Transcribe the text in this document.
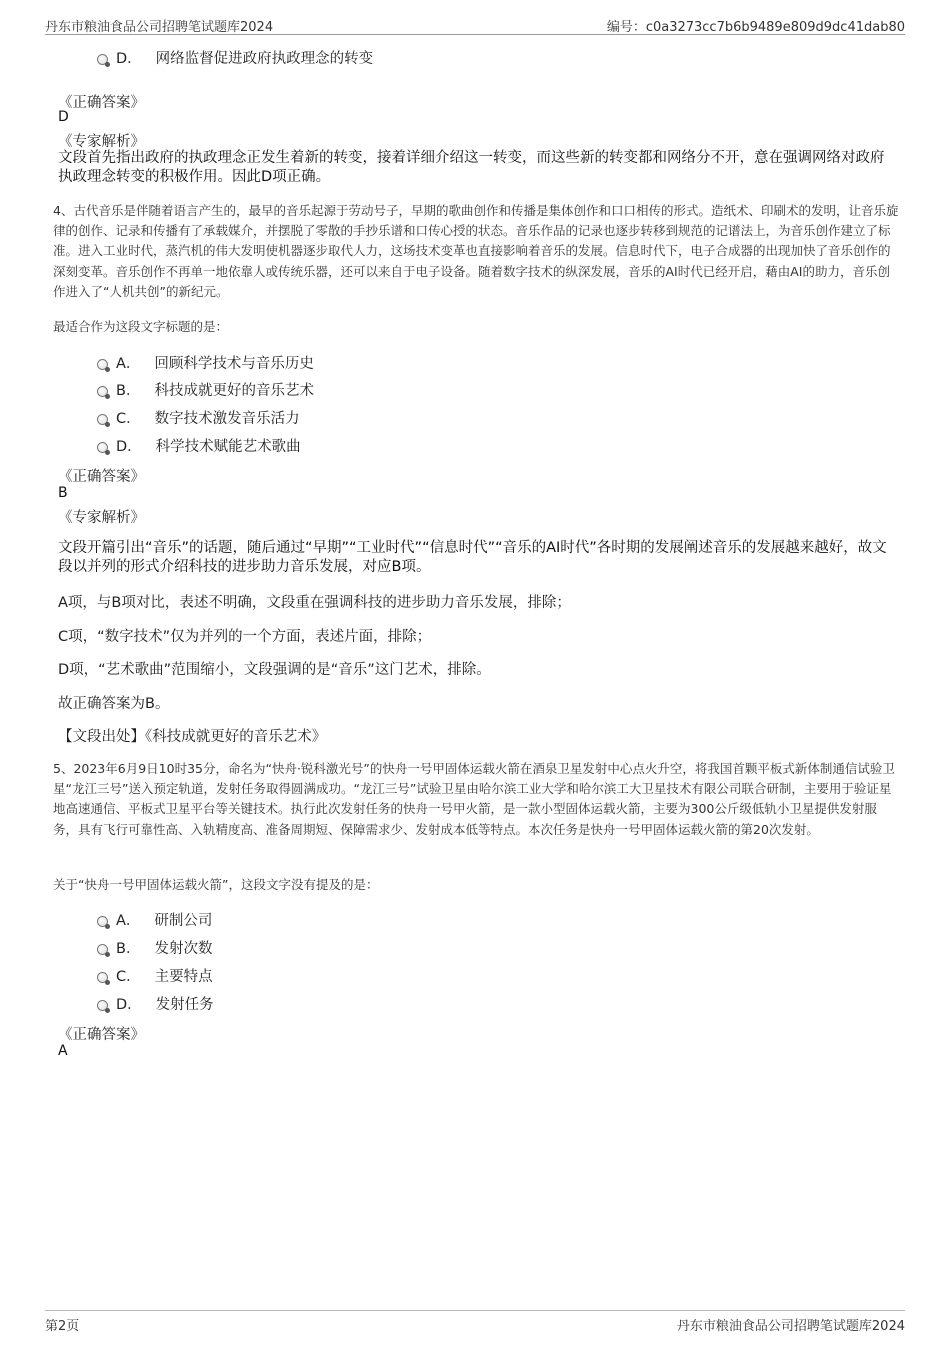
丹东市粮油食品公司招聘笔试题库2024	编号：c0a3273cc7b6b9489e809d9dc41dab80
D． 网络监督促进政府执政理念的转变
《正确答案》
D
《专家解析》
文段首先指出政府的执政理念正发生着新的转变，接着详细介绍这一转变，而这些新的转变都和网络分不开，意在强调网络对政府执政理念转变的积极作用。因此D项正确。
4、古代音乐是伴随着语言产生的，最早的音乐起源于劳动号子，早期的歌曲创作和传播是集体创作和口口相传的形式。造纸术、印刷术的发明，让音乐旋律的创作、记录和传播有了承载媒介，并摆脱了零散的手抄乐谱和口传心授的状态。音乐作品的记录也逐步转移到规范的记谱法上，为音乐创作建立了标准。进入工业时代，蒸汽机的伟大发明使机器逐步取代人力，这场技术变革也直接影响着音乐的发展。信息时代下，电子合成器的出现加快了音乐创作的深刻变革。音乐创作不再单一地依靠人或传统乐器，还可以来自于电子设备。随着数字技术的纵深发展，音乐的AI时代已经开启，藉由AI的助力，音乐创作进入了“人机共创”的新纪元。
最适合作为这段文字标题的是：
A． 回顾科学技术与音乐历史
B． 科技成就更好的音乐艺术
C． 数字技术激发音乐活力
D． 科学技术赋能艺术歌曲
《正确答案》
B
《专家解析》
文段开篇引出“音乐”的话题，随后通过“早期”“工业时代”“信息时代”“音乐的AI时代”各时期的发展阐述音乐的发展越来越好，故文段以并列的形式介绍科技的进步助力音乐发展，对应B项。
A项，与B项对比，表述不明确，文段重在强调科技的进步助力音乐发展，排除；
C项，“数字技术”仅为并列的一个方面，表述片面，排除；
D项，“艺术歌曲”范围缩小，文段强调的是“音乐”这门艺术，排除。
故正确答案为B。
【文段出处】《科技成就更好的音乐艺术》
5、2023年6月9日10时35分，命名为“快舟·锐科激光号”的快舟一号甲固体运载火箭在酒泉卫星发射中心点火升空，将我国首颗平板式新体制通信试验卫星“龙江三号”送入预定轨道，发射任务取得圆满成功。“龙江三号”试验卫星由哈尔滨工业大学和哈尔滨工大卫星技术有限公司联合研制，主要用于验证星地高速通信、平板式卫星平台等关键技术。执行此次发射任务的快舟一号甲火箭，是一款小型固体运载火箭，主要为300公斤级低轨小卫星提供发射服务，具有飞行可靠性高、入轨精度高、准备周期短、保障需求少、发射成本低等特点。本次任务是快舟一号甲固体运载火箭的第20次发射。
关于“快舟一号甲固体运载火箭”，这段文字没有提及的是：
A． 研制公司
B． 发射次数
C． 主要特点
D． 发射任务
《正确答案》
A
第2页	丹东市粮油食品公司招聘笔试题库2024
